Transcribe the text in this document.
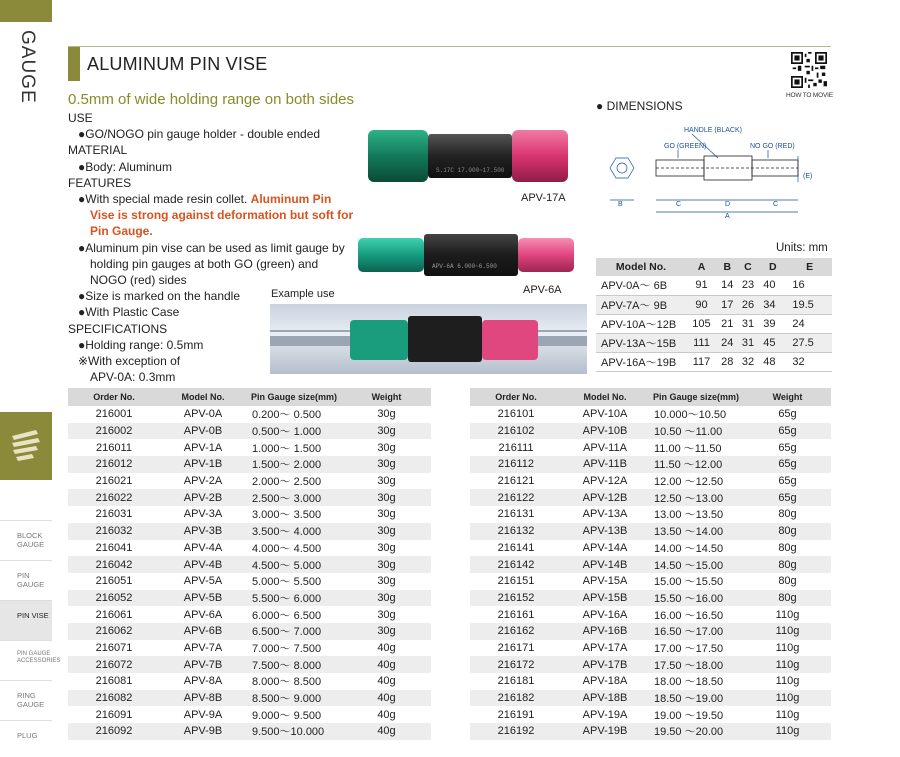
GAUGE
BLOCK GAUGE
PIN GAUGE
PIN VISE
PIN GAUGE ACCESSORIES
RING GAUGE
PLUG
ALUMINUM PIN VISE
HOW TO MOVIE
0.5mm of wide holding range on both sides
USE
●GO/NOGO pin gauge holder - double ended
MATERIAL
●Body: Aluminum
FEATURES
●With special made resin collet. Aluminum Pin Vise is strong against deformation but soft for Pin Gauge.
●Aluminum pin vise can be used as limit gauge by holding pin gauges at both GO (green) and NOGO (red) sides
●Size is marked on the handle
●With Plastic Case
SPECIFICATIONS
●Holding range: 0.5mm
※With exception of
APV-0A: 0.3mm
S.17C 17.000~17.500
APV-17A
APV-6A 6.000~6.500
APV-6A
Example use
● DIMENSIONS
HANDLE (BLACK)
GO (GREEN)	NO GO (RED)
B	C	D	C
A
(E)
Units: mm
Model No.	A	B	C	D	E
APV-0A～ 6B	91	14	23	40	16
APV-7A～ 9B	90	17	26	34	19.5
APV-10A～12B	105	21	31	39	24
APV-13A～15B	111	24	31	45	27.5
APV-16A～19B	117	28	32	48	32
Order No.	Model No.	Pin Gauge size(mm)	Weight
216001	APV-0A	0.200～ 0.500	30g
216002	APV-0B	0.500～ 1.000	30g
216011	APV-1A	1.000～ 1.500	30g
216012	APV-1B	1.500～ 2.000	30g
216021	APV-2A	2.000～ 2.500	30g
216022	APV-2B	2.500～ 3.000	30g
216031	APV-3A	3.000～ 3.500	30g
216032	APV-3B	3.500～ 4.000	30g
216041	APV-4A	4.000～ 4.500	30g
216042	APV-4B	4.500～ 5.000	30g
216051	APV-5A	5.000～ 5.500	30g
216052	APV-5B	5.500～ 6.000	30g
216061	APV-6A	6.000～ 6.500	30g
216062	APV-6B	6.500～ 7.000	30g
216071	APV-7A	7.000～ 7.500	40g
216072	APV-7B	7.500～ 8.000	40g
216081	APV-8A	8.000～ 8.500	40g
216082	APV-8B	8.500～ 9.000	40g
216091	APV-9A	9.000～ 9.500	40g
216092	APV-9B	9.500～10.000	40g
Order No.	Model No.	Pin Gauge size(mm)	Weight
216101	APV-10A	10.000～10.50	65g
216102	APV-10B	10.50 ～11.00	65g
216111	APV-11A	11.00 ～11.50	65g
216112	APV-11B	11.50 ～12.00	65g
216121	APV-12A	12.00 ～12.50	65g
216122	APV-12B	12.50 ～13.00	65g
216131	APV-13A	13.00 ～13.50	80g
216132	APV-13B	13.50 ～14.00	80g
216141	APV-14A	14.00 ～14.50	80g
216142	APV-14B	14.50 ～15.00	80g
216151	APV-15A	15.00 ～15.50	80g
216152	APV-15B	15.50 ～16.00	80g
216161	APV-16A	16.00 ～16.50	110g
216162	APV-16B	16.50 ～17.00	110g
216171	APV-17A	17.00 ～17.50	110g
216172	APV-17B	17.50 ～18.00	110g
216181	APV-18A	18.00 ～18.50	110g
216182	APV-18B	18.50 ～19.00	110g
216191	APV-19A	19.00 ～19.50	110g
216192	APV-19B	19.50 ～20.00	110g
